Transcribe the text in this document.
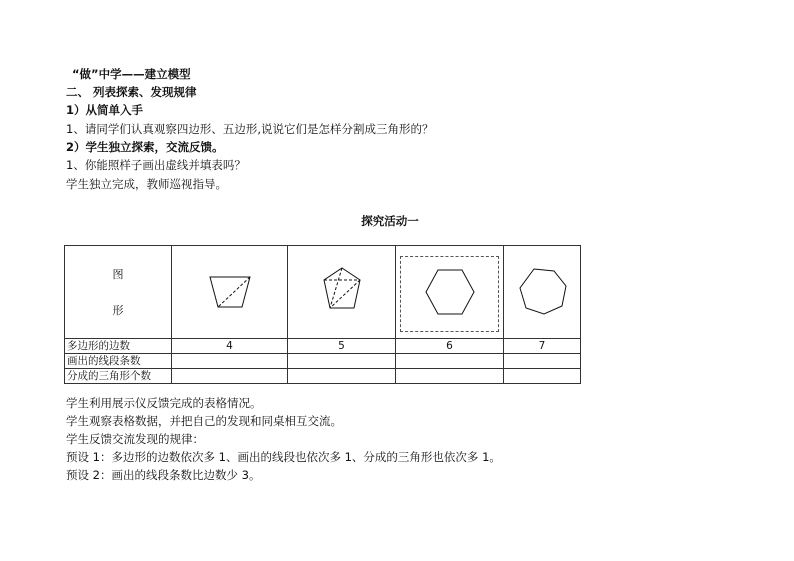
“做”中学——建立模型
二、 列表探索、发现规律
1）从简单入手
1、请同学们认真观察四边形、五边形,说说它们是怎样分割成三角形的？
2）学生独立探索，交流反馈。
1、你能照样子画出虚线并填表吗？
学生独立完成，教师巡视指导。
探究活动一
图
形

多边形的边数	4	5	6	7
画出的线段条数				
分成的三角形个数				
学生利用展示仪反馈完成的表格情况。
学生观察表格数据，并把自己的发现和同桌相互交流。
学生反馈交流发现的规律：
预设 1：多边形的边数依次多 1、画出的线段也依次多 1、分成的三角形也依次多 1。
预设 2：画出的线段条数比边数少 3。
